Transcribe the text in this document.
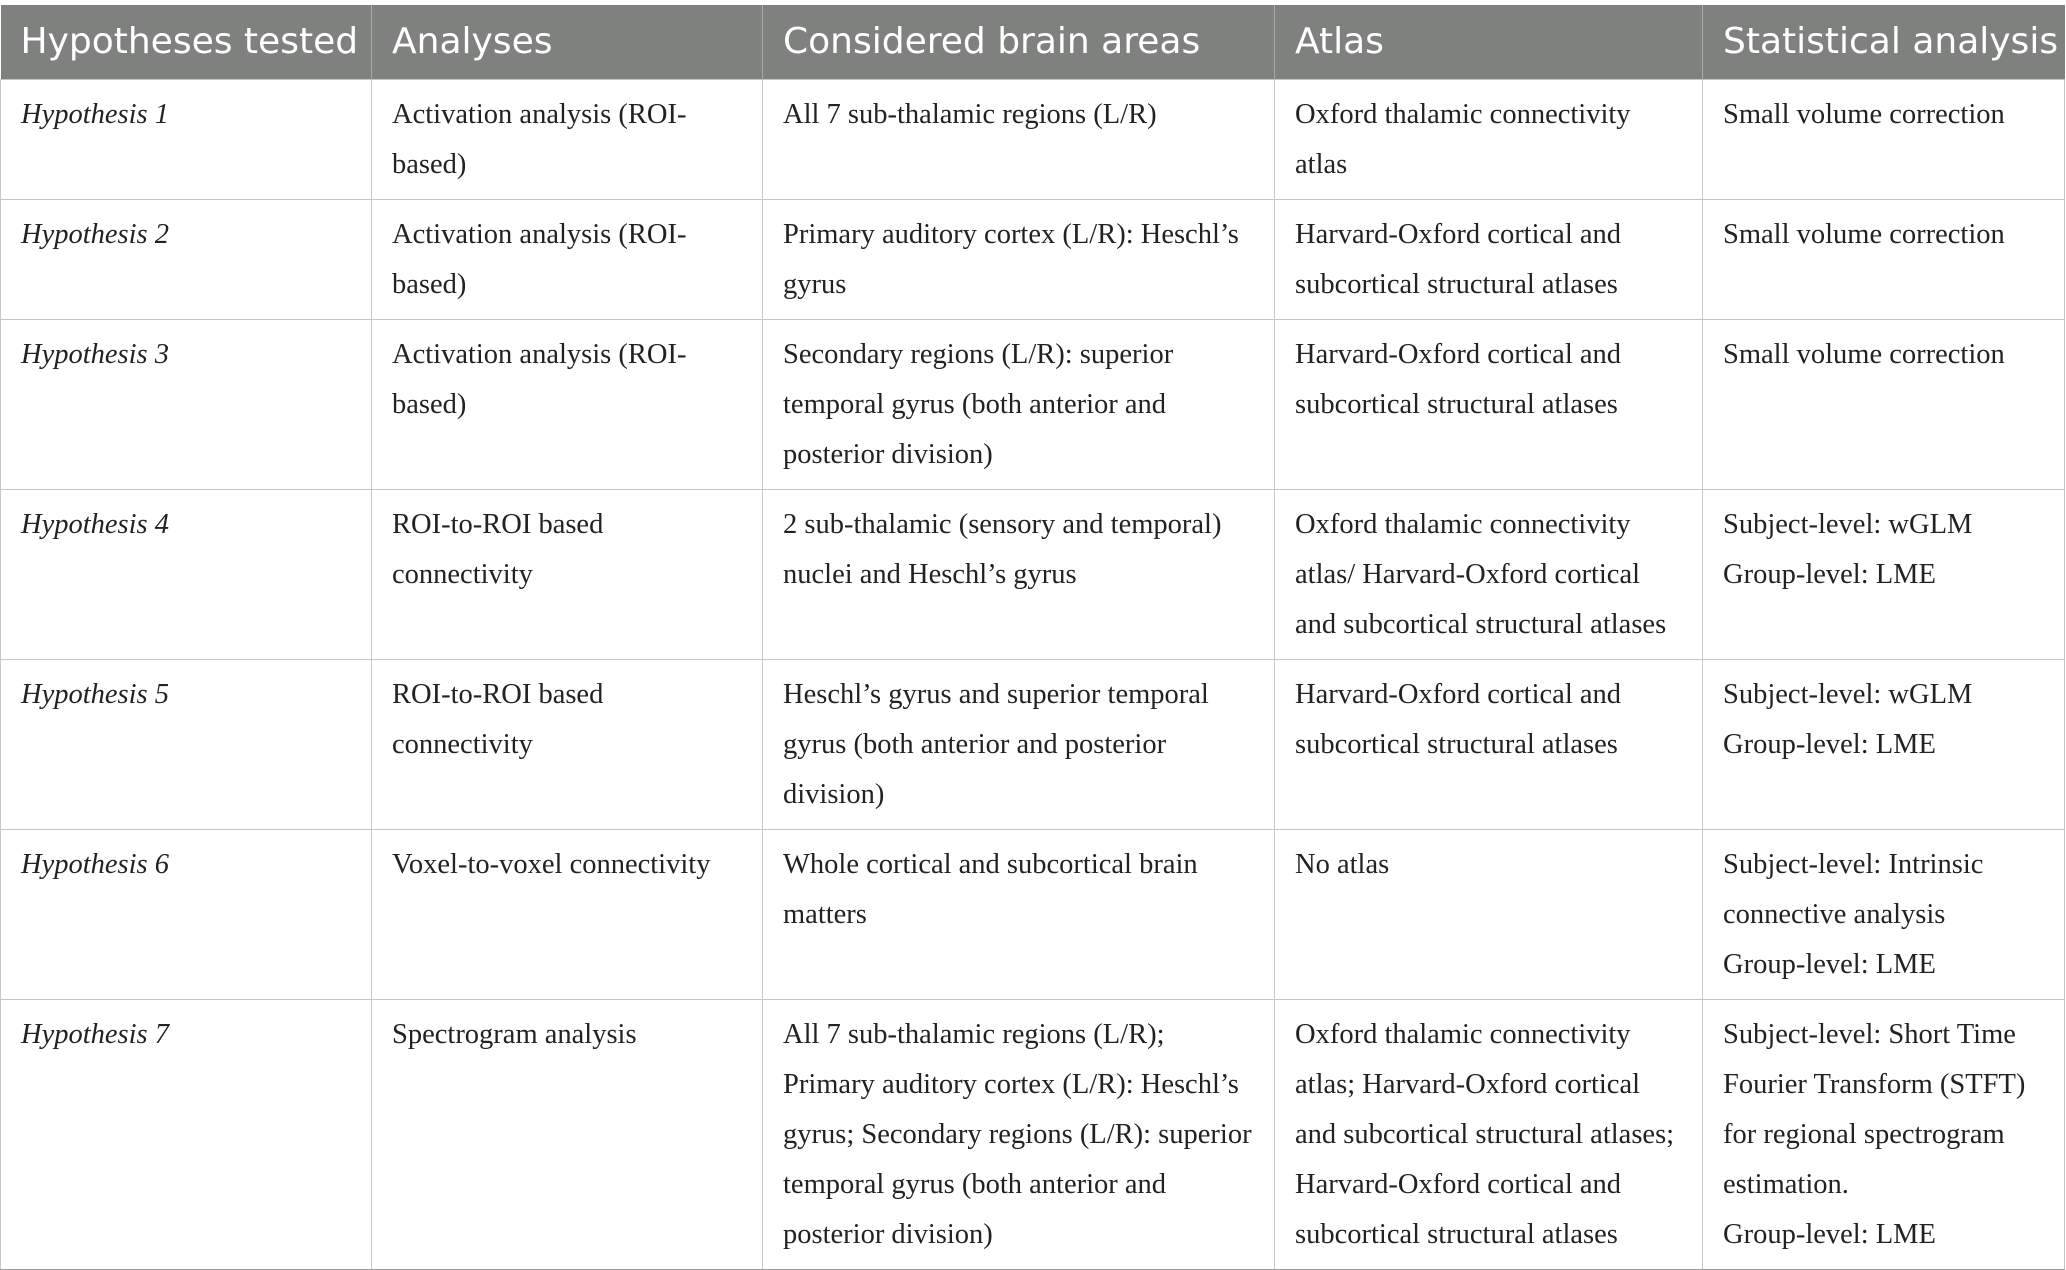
Hypotheses tested	Analyses	Considered brain areas	Atlas	Statistical analysis
Hypothesis 1	Activation analysis (ROI-based)	All 7 sub-thalamic regions (L/R)	Oxford thalamic connectivity atlas	Small volume correction

Hypothesis 2	Activation analysis (ROI-based)	Primary auditory cortex (L/R): Heschl’s gyrus	Harvard-Oxford cortical and subcortical structural atlases	Small volume correction

Hypothesis 3	Activation analysis (ROI-based)	Secondary regions (L/R): superior temporal gyrus (both anterior and posterior division)	Harvard-Oxford cortical and subcortical structural atlases	Small volume correction

Hypothesis 4	ROI-to-ROI based connectivity	2 sub-thalamic (sensory and temporal) nuclei and Heschl’s gyrus	Oxford thalamic connectivity atlas/ Harvard-Oxford cortical and subcortical structural atlases	Subject-level: wGLM
Group-level: LME

Hypothesis 5	ROI-to-ROI based connectivity	Heschl’s gyrus and superior temporal gyrus (both anterior and posterior division)	Harvard-Oxford cortical and subcortical structural atlases	Subject-level: wGLM
Group-level: LME

Hypothesis 6	Voxel-to-voxel connectivity	Whole cortical and subcortical brain matters	No atlas	Subject-level: Intrinsic connective analysis
Group-level: LME

Hypothesis 7	Spectrogram analysis	All 7 sub-thalamic regions (L/R); Primary auditory cortex (L/R): Heschl’s gyrus; Secondary regions (L/R): superior temporal gyrus (both anterior and posterior division)	Oxford thalamic connectivity atlas; Harvard-Oxford cortical and subcortical structural atlases; Harvard-Oxford cortical and subcortical structural atlases	Subject-level: Short Time Fourier Transform (STFT) for regional spectrogram estimation.
Group-level: LME
